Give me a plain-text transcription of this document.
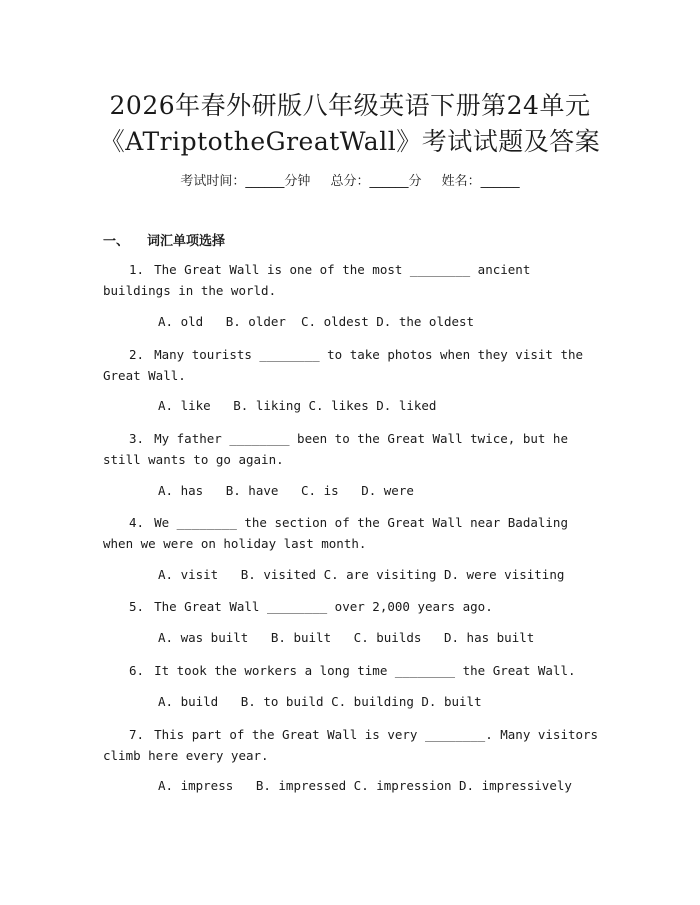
2026年春外研版八年级英语下册第24单元
《ATriptotheGreatWall》考试试题及答案
考试时间：______分钟 总分：______分 姓名：______
一、 词汇单项选择
1. The Great Wall is one of the most ________ ancient buildings in the world.
A. old   B. older  C. oldest D. the oldest
2. Many tourists ________ to take photos when they visit the Great Wall.
A. like   B. liking C. likes D. liked
3. My father ________ been to the Great Wall twice, but he still wants to go again.
A. has   B. have   C. is   D. were
4. We ________ the section of the Great Wall near Badaling when we were on holiday last month.
A. visit   B. visited C. are visiting D. were visiting
5. The Great Wall ________ over 2,000 years ago.
A. was built   B. built   C. builds   D. has built
6. It took the workers a long time ________ the Great Wall.
A. build   B. to build C. building D. built
7. This part of the Great Wall is very ________. Many visitors climb here every year.
A. impress   B. impressed C. impression D. impressively
